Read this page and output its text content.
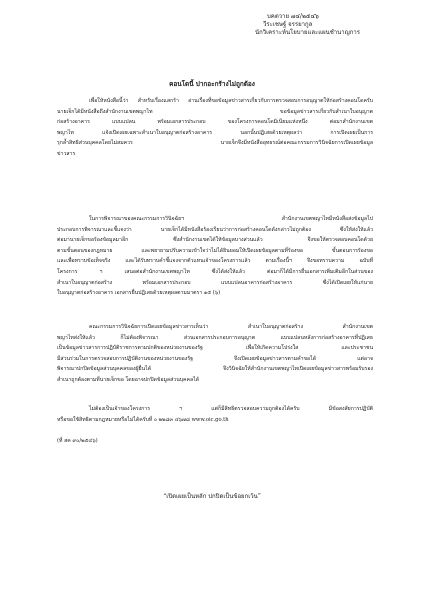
บคตวาย ๗๔/๒๕๔๖
วีระเชษฐ์ จรรยากูล
นักวิเคราะห์นโยบายและแผนชำนาญการ
คอนโดนี้ ปากอะกร้างไม่ถูกต้อง
เพื่อให้หนังสือนี้ว่า สำหรับเรื่องแสกร้า อ่านเรื่องที่ขอข้อมูลข่าวสารเกี่ยวกับการตรวจสอบการอนุญาตให้ก่อสร้างคอนโดครับ
นายเจ็กได้มีหนังสือถึงสำนักงานเขตพญาไท ขอข้อมูลข่าวสารเกี่ยวกับสำเนาใบอนุญาต
ก่อสร้างอาคาร แบบแปลน พร้อมเอกสารประกอบ ของโครงการคอนโดมิเนียมแห่งหนึ่ง ต่อมาสำนักงานเขต
พญาไท แจ้งเปิดเผยเฉพาะสำเนาใบอนุญาตก่อสร้างอาคาร นอกนั้นปฏิเสธด้วยเหตุผลว่า การเปิดเผยเป็นการ
รุกล้ำสิทธิส่วนบุคคลโดยไม่สมควร นายเจ็กจึงมีหนังสืออุทธรณ์ต่อคณะกรรมการวินิจฉัยการเปิดเผยข้อมูล
ข่าวสาร
ในการพิจารณาของคณะกรรมการวินิจฉัยฯ สำนักงานเขตพญาไทมีหนังสือส่งข้อมูลไป
ประกอบการพิจารณาและชี้แจงว่า นายเจ็กได้มีหนังสือร้องเรียนว่าการก่อสร้างคอนโดดังกล่าวไม่ถูกต้อง ซึ่งให้ส่งให้แล้ว
ต่อมานายเจ็กขอร้องข้อมูลมาอีก ซึ่งสำนักงานเขตได้ให้ข้อมูลบางส่วนแล้ว จึงขอให้ตรวจสอบคอนโดด้วย
ตามขั้นตอนของกฎหมาย และพยายามปรับความเข้าใจว่าไม่ได้ยินยอมให้เปิดเผยข้อมูลตามที่ร้องขอ ขั้นตอนการร้องขอ
และเพื่อทราบข้อเท็จจริง และได้รับทราบคำชี้แจงจากตัวแทนเจ้าของโครงการแล้ว ตามเรื่องนี้ฯ จึงขอทราบความ ฉบับที่
โครงการ ฯ เสนอต่อสำนักงานเขตพญาไท ซึ่งได้ส่งให้แล้ว ต่อมาก็ได้มีการยื่นเอกสารเพิ่มเติมอีกในส่วนของ
สำเนาใบอนุญาตก่อสร้าง พร้อมเอกสารประกอบ แบบแปลนอาคารก่อสร้างอาคาร ซึ่งได้เปิดเผยให้แก่นาย
ใบอนุญาตก่อสร้างอาคาร เอกสารยื่นปฏิเสธด้วยเหตุผลตามมาตรา ๑๕ (๖)
คณะกรรมการวินิจฉัยการเปิดเผยข้อมูลข่าวสารเห็นว่า สำเนาใบอนุญาตก่อสร้าง สำนักงานเขต
พญาไทส่งให้แล้ว ก็ไม่ต้องพิจารณา ส่วนเอกสารประกอบการอนุญาต แบบแปลนหลังการก่อสร้างอาคารที่ปฏิเสธ
เป็นข้อมูลข่าวสารการปฏิบัติราชการตามปกติของหน่วยงานของรัฐ เพื่อให้เกิดความโปร่งใส และประชาชน
มีส่วนร่วมในการตรวจสอบการปฏิบัติงานของหน่วยงานของรัฐ จึงเปิดเผยข้อมูลข่าวสารตามคำขอได้ แต่อาจ
พิจารณาปกปิดข้อมูลส่วนบุคคลของผู้ยื่นได้ จึงวินิจฉัยให้สำนักงานเขตพญาไทเปิดเผยข้อมูลข่าวสารพร้อมรับรอง
สำเนาถูกต้องตามที่นายเจ็กขอ โดยอาจปกปิดข้อมูลส่วนบุคคลได้
ไม่ต้องเป็นเจ้าของโครงการ ฯ แต่ก็มีสิทธิตรวจสอบความถูกต้องได้ครับ มีข้อสงสัยการปฏิบัติ
หรือขอใช้สิทธิตามกฎหมายหรือไม่ได้ครับที่ ๐ ๒๒๘๓ ๔๖๗๘ www.oic.go.th
(ที่ สค ๙๐/๒๕๔๖)
“เปิดเผยเป็นหลัก ปกปิดเป็นข้อยกเว้น”
